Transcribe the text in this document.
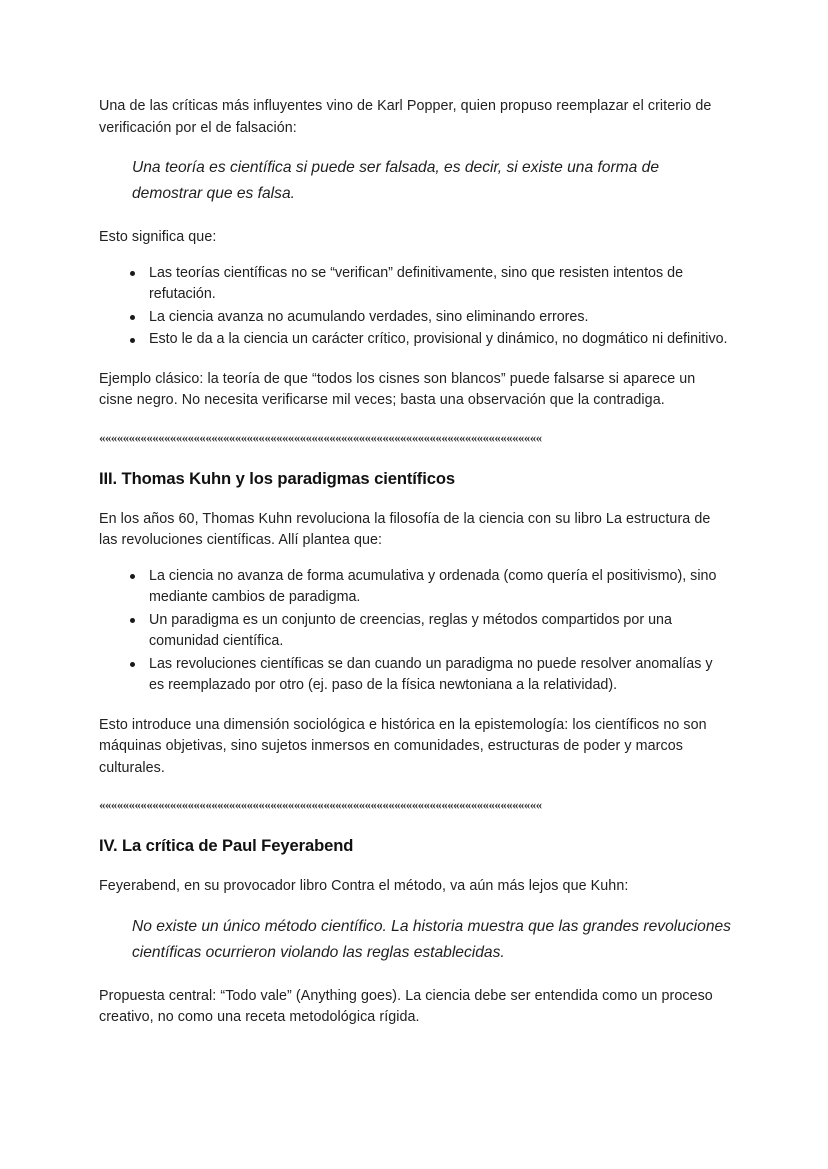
Una de las críticas más influyentes vino de Karl Popper, quien propuso reemplazar el criterio de verificación por el de falsación:

Una teoría es científica si puede ser falsada, es decir, si existe una forma de demostrar que es falsa.

Esto significa que:

Las teorías científicas no se “verifican” definitivamente, sino que resisten intentos de refutación.
La ciencia avanza no acumulando verdades, sino eliminando errores.
Esto le da a la ciencia un carácter crítico, provisional y dinámico, no dogmático ni definitivo.

Ejemplo clásico: la teoría de que “todos los cisnes son blancos” puede falsarse si aparece un cisne negro. No necesita verificarse mil veces; basta una observación que la contradiga.

«««««««««««««««««««««««««««««««««««««««««««««««««««««««««««««««««««««««««««
III. Thomas Kuhn y los paradigmas científicos

En los años 60, Thomas Kuhn revoluciona la filosofía de la ciencia con su libro La estructura de las revoluciones científicas. Allí plantea que:

La ciencia no avanza de forma acumulativa y ordenada (como quería el positivismo), sino mediante cambios de paradigma.
Un paradigma es un conjunto de creencias, reglas y métodos compartidos por una comunidad científica.
Las revoluciones científicas se dan cuando un paradigma no puede resolver anomalías y es reemplazado por otro (ej. paso de la física newtoniana a la relatividad).

Esto introduce una dimensión sociológica e histórica en la epistemología: los científicos no son máquinas objetivas, sino sujetos inmersos en comunidades, estructuras de poder y marcos culturales.

«««««««««««««««««««««««««««««««««««««««««««««««««««««««««««««««««««««««««««
IV. La crítica de Paul Feyerabend

Feyerabend, en su provocador libro Contra el método, va aún más lejos que Kuhn:

No existe un único método científico. La historia muestra que las grandes revoluciones científicas ocurrieron violando las reglas establecidas.

Propuesta central: “Todo vale” (Anything goes). La ciencia debe ser entendida como un proceso creativo, no como una receta metodológica rígida.
